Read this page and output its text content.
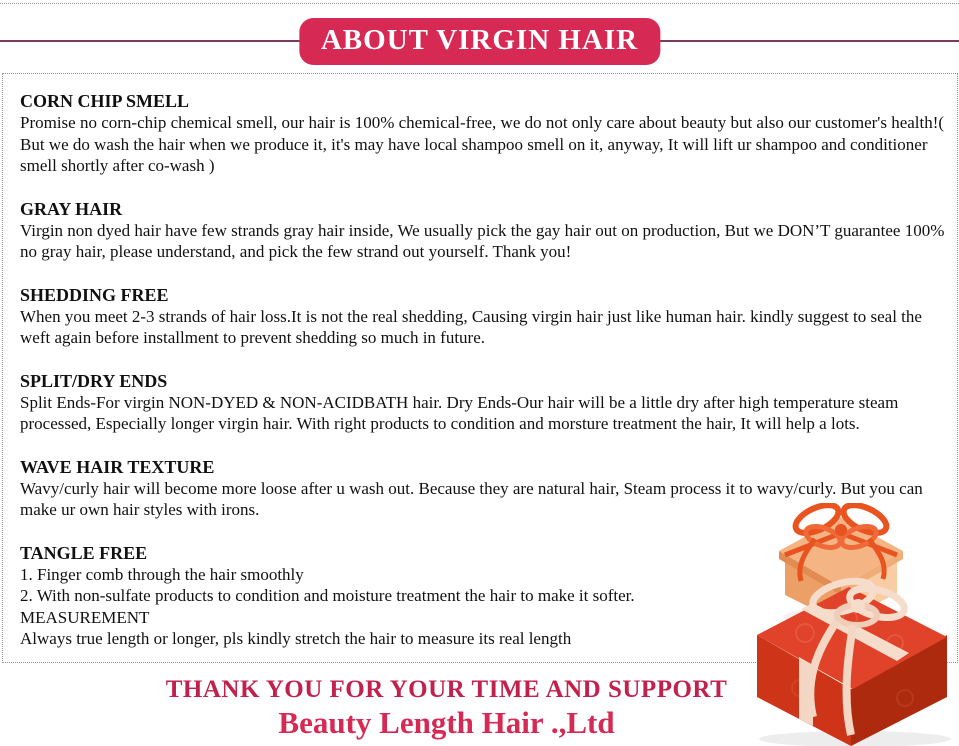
ABOUT VIRGIN HAIR
CORN CHIP SMELL

Promise no corn-chip chemical smell, our hair is 100% chemical-free, we do not only care about beauty but also our customer's health!( But we do wash the hair when we produce it, it's may have local shampoo smell on it, anyway, It will lift ur shampoo and conditioner smell shortly after co-wash )

GRAY HAIR

Virgin non dyed hair have few strands gray hair inside, We usually pick the gay hair out on production, But we DON’T guarantee 100% no gray hair, please understand, and pick the few strand out yourself. Thank you!

SHEDDING FREE

When you meet 2-3 strands of hair loss.It is not the real shedding, Causing virgin hair just like human hair. kindly suggest to seal the weft again before installment to prevent shedding so much in future.

SPLIT/DRY ENDS

Split Ends-For virgin NON-DYED & NON-ACIDBATH hair. Dry Ends-Our hair will be a little dry after high temperature steam processed, Especially longer virgin hair. With right products to condition and morsture treatment the hair, It will help a lots.

WAVE HAIR TEXTURE

Wavy/curly hair will become more loose after u wash out. Because they are natural hair, Steam process it to wavy/curly. But you can make ur own hair styles with irons.

TANGLE FREE
1. Finger comb through the hair smoothly
2. With non-sulfate products to condition and moisture treatment the hair to make it softer.
MEASUREMENT
Always true length or longer, pls kindly stretch the hair to measure its real length
THANK YOU FOR YOUR TIME AND SUPPORT
Beauty Length Hair .,Ltd
